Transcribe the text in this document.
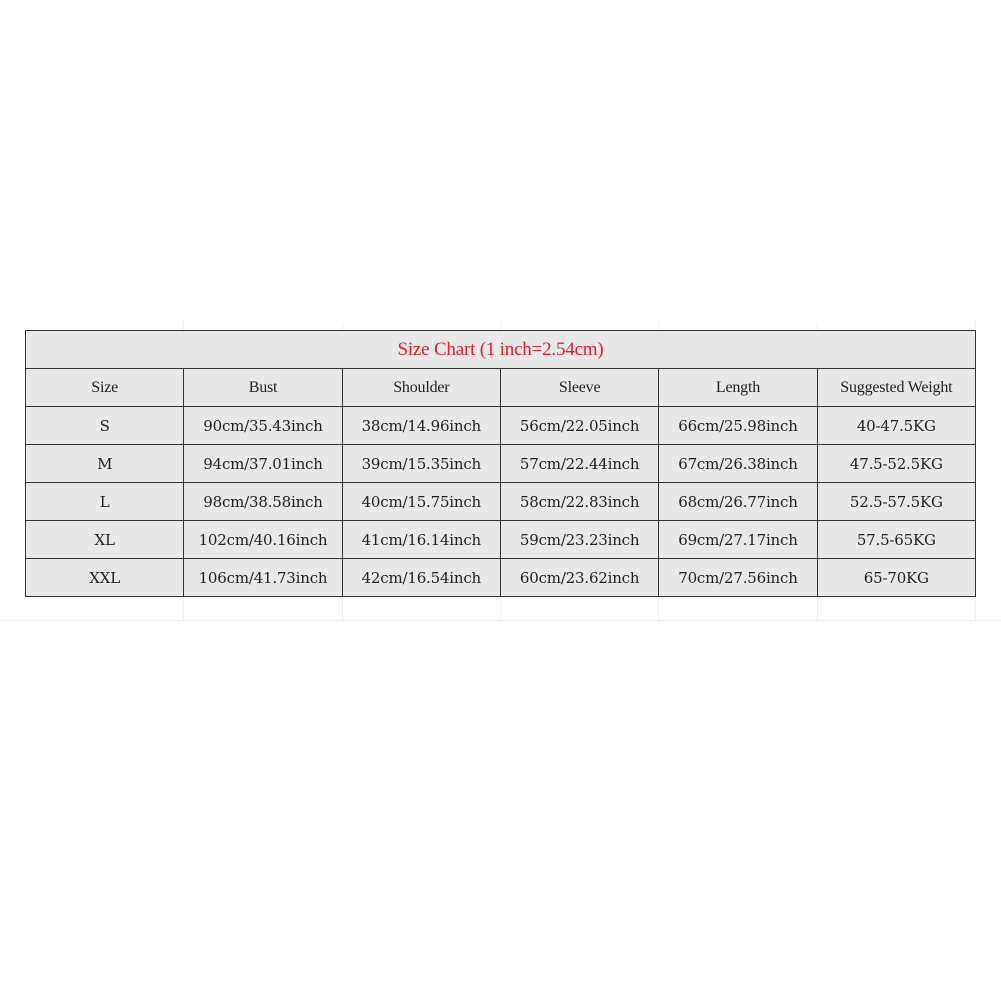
Size Chart (1 inch=2.54cm)					
Size	Bust	Shoulder	Sleeve	Length	Suggested Weight
S	90cm/35.43inch	38cm/14.96inch	56cm/22.05inch	66cm/25.98inch	40-47.5KG
M	94cm/37.01inch	39cm/15.35inch	57cm/22.44inch	67cm/26.38inch	47.5-52.5KG
L	98cm/38.58inch	40cm/15.75inch	58cm/22.83inch	68cm/26.77inch	52.5-57.5KG
XL	102cm/40.16inch	41cm/16.14inch	59cm/23.23inch	69cm/27.17inch	57.5-65KG
XXL	106cm/41.73inch	42cm/16.54inch	60cm/23.62inch	70cm/27.56inch	65-70KG
